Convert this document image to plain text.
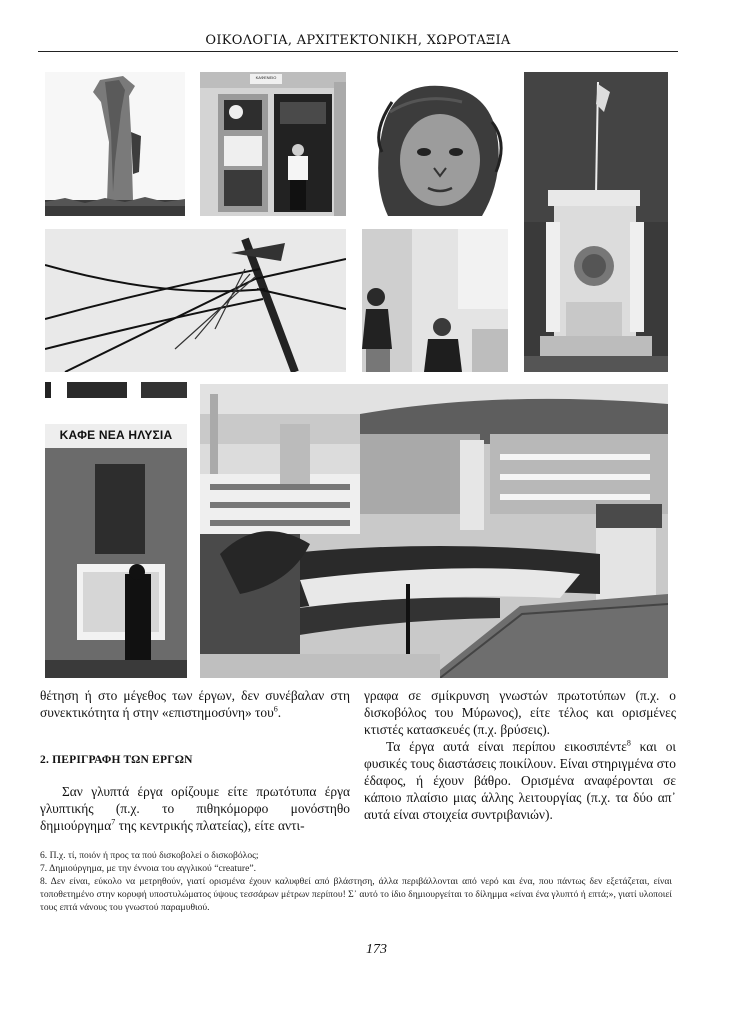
ΟΙΚΟΛΟΓΙΑ, ΑΡΧΙΤΕΚΤΟΝΙΚΗ, ΧΩΡΟΤΑΞΙΑ
ΚΑΦΕΝΕΙΟ
ΚΑΦΕ ΝΕΑ ΗΛΥΣΙΑ

θέτηση ή στο μέγεθος των έργων, δεν συνέβαλαν στη συνεκτικότητα ή στην «επιστημοσύνη» του$^6$.

2. ΠΕΡΙΓΡΑΦΗ ΤΩΝ ΕΡΓΩΝ

Σαν γλυπτά έργα ορίζουμε είτε πρωτότυπα έργα γλυπτικής (π.χ. το πιθηκόμορφο μονόστηθο δημιούργημα$^7$ της κεντρικής πλατείας), είτε αντι-

γραφα σε σμίκρυνση γνωστών πρωτοτύπων (π.χ. ο δισκοβόλος του Μύρωνος), είτε τέλος και ορισμένες κτιστές κατασκευές (π.χ. βρύσεις).

Τα έργα αυτά είναι περίπου εικοσιπέντε$^8$ και οι φυσικές τους διαστάσεις ποικίλουν. Είναι στηριγμένα στο έδαφος, ή έχουν βάθρο. Ορισμένα αναφέρονται σε κάποιο πλαίσιο μιας άλλης λειτουργίας (π.χ. τα δύο απ᾽ αυτά είναι στοιχεία συντριβανιών).

6. Π.χ. τί, ποιόν ή προς τα πού δισκοβολεί ο δισκοβόλος;

7. Δημιούργημα, με την έννοια του αγγλικού “creature”.

8. Δεν είναι, εύκολο να μετρηθούν, γιατί ορισμένα έχουν καλυφθεί από βλάστηση, άλλα περιβάλλονται από νερό και ένα, που πάντως δεν εξετάζεται, είναι τοποθετημένο στην κορυφή υποστυλώματος ύψους τεσσάρων μέτρων περίπου! Σ᾽ αυτό το ίδιο δημιουργείται το δίλημμα «είναι ένα γλυπτό ή επτά;», γιατί υλοποιεί τους επτά νάνους του γνωστού παραμυθιού.

173
